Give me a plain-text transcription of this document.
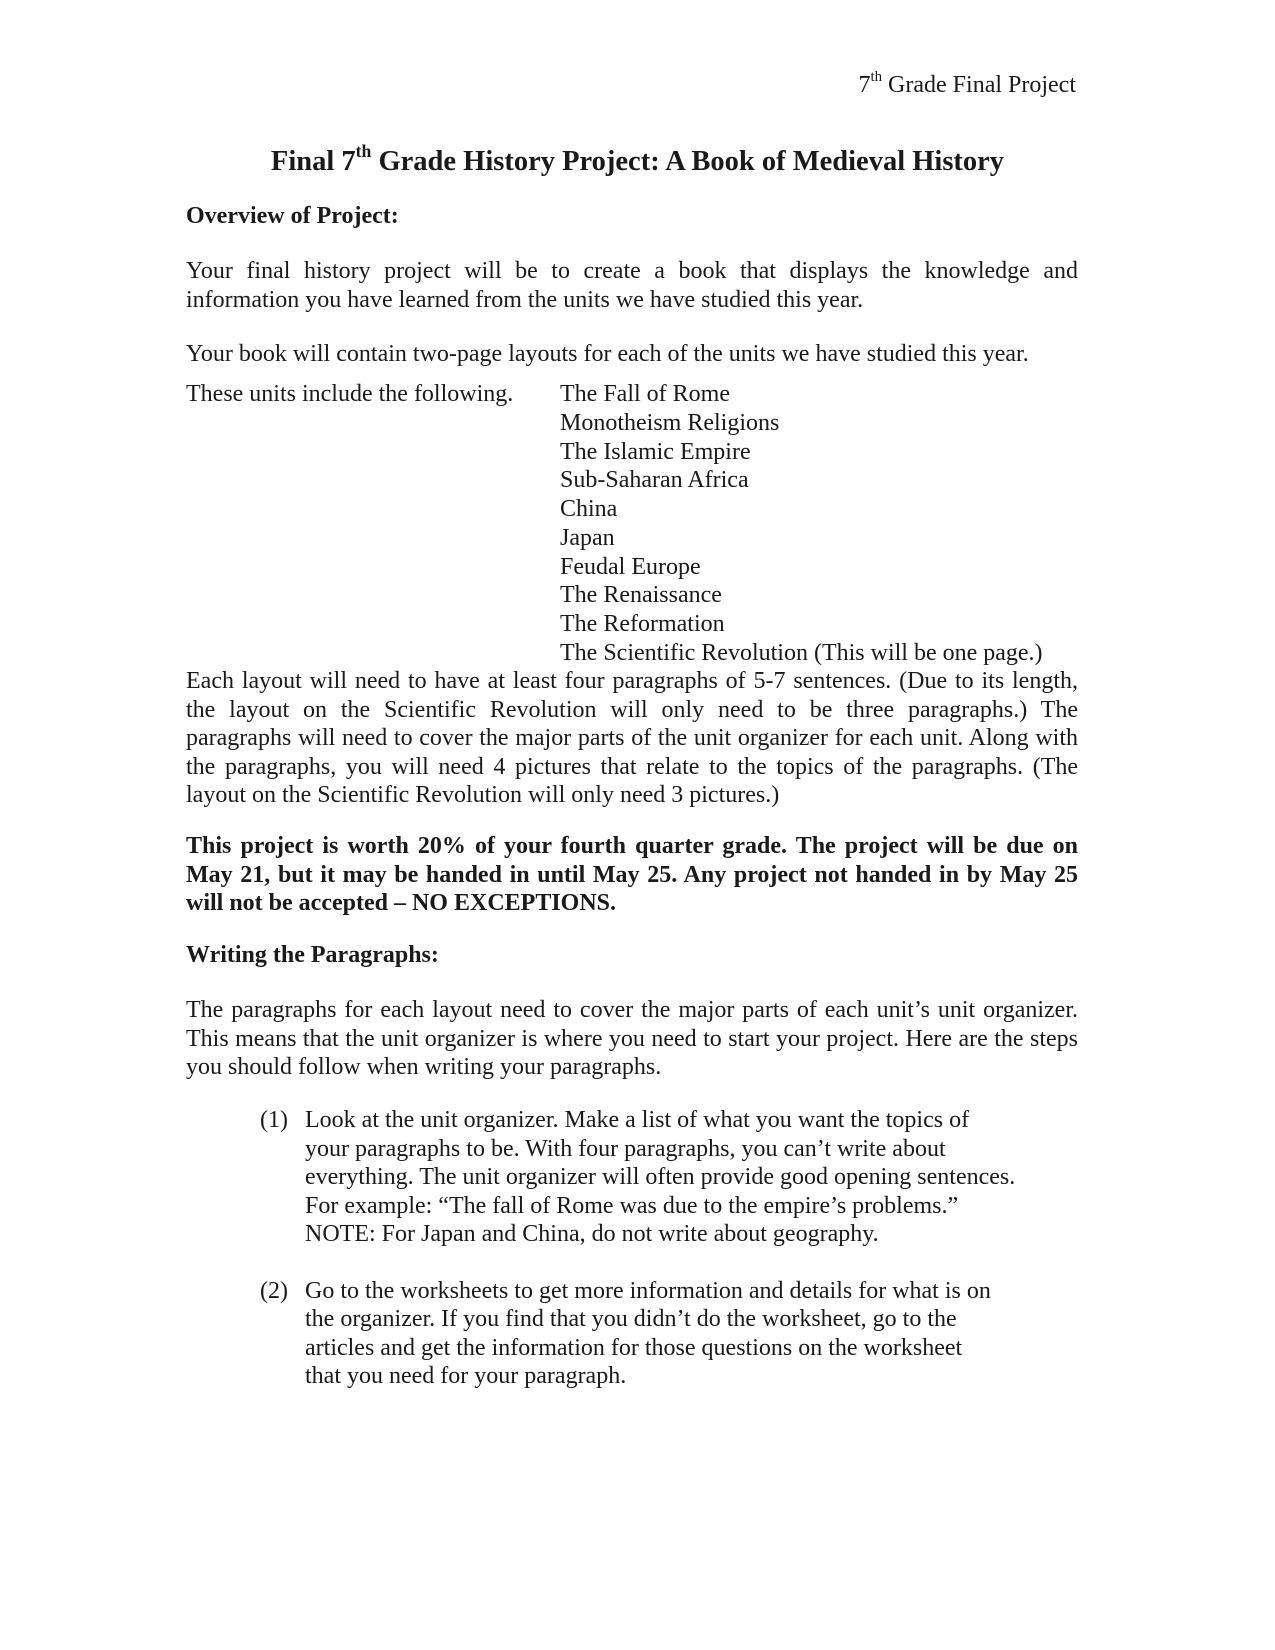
7th Grade Final Project
Final 7th Grade History Project: A Book of Medieval History
Overview of Project:
Your final history project will be to create a book that displays the knowledge and information you have learned from the units we have studied this year.
Your book will contain two-page layouts for each of the units we have studied this year.
These units include the following. The Fall of Rome
Monotheism Religions
The Islamic Empire
Sub-Saharan Africa
China
Japan
Feudal Europe
The Renaissance
The Reformation
The Scientific Revolution (This will be one page.)
Each layout will need to have at least four paragraphs of 5-7 sentences. (Due to its length, the layout on the Scientific Revolution will only need to be three paragraphs.) The paragraphs will need to cover the major parts of the unit organizer for each unit. Along with the paragraphs, you will need 4 pictures that relate to the topics of the paragraphs. (The layout on the Scientific Revolution will only need 3 pictures.)
This project is worth 20% of your fourth quarter grade. The project will be due on May 21, but it may be handed in until May 25. Any project not handed in by May 25 will not be accepted – NO EXCEPTIONS.
Writing the Paragraphs:
The paragraphs for each layout need to cover the major parts of each unit’s unit organizer. This means that the unit organizer is where you need to start your project. Here are the steps you should follow when writing your paragraphs.
(1) Look at the unit organizer. Make a list of what you want the topics of
your paragraphs to be. With four paragraphs, you can’t write about
everything. The unit organizer will often provide good opening sentences.
For example: “The fall of Rome was due to the empire’s problems.”
NOTE: For Japan and China, do not write about geography.
(2) Go to the worksheets to get more information and details for what is on
the organizer. If you find that you didn’t do the worksheet, go to the
articles and get the information for those questions on the worksheet
that you need for your paragraph.
